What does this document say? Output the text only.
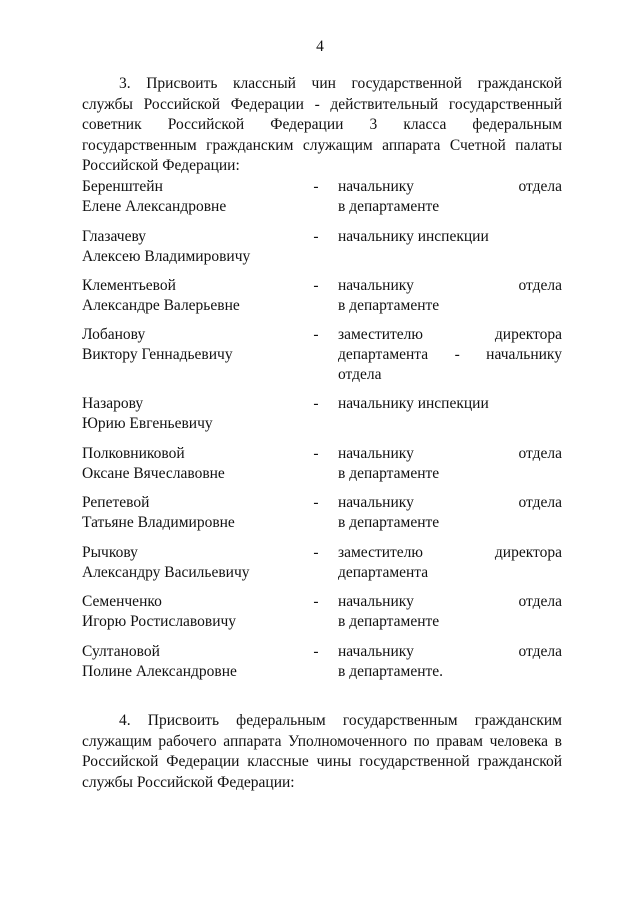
4
3. Присвоить классный чин государственной гражданской
службы Российской Федерации - действительный государственный
советник Российской Федерации 3 класса федеральным
государственным гражданским служащим аппарата Счетной палаты
Российской Федерации:
Беренштейн
Елене Александровне
- начальнику отдела
в департаменте
Глазачеву
Алексею Владимировичу
- начальнику инспекции
Клементьевой
Александре Валерьевне
- начальнику отдела
в департаменте
Лобанову
Виктору Геннадьевичу
- заместителю директора
департамента - начальнику
отдела
Назарову
Юрию Евгеньевичу
- начальнику инспекции
Полковниковой
Оксане Вячеславовне
- начальнику отдела
в департаменте
Репетевой
Татьяне Владимировне
- начальнику отдела
в департаменте
Рычкову
Александру Васильевичу
- заместителю директора
департамента
Семенченко
Игорю Ростиславовичу
- начальнику отдела
в департаменте
Султановой
Полине Александровне
- начальнику отдела
в департаменте.
4. Присвоить федеральным государственным гражданским
служащим рабочего аппарата Уполномоченного по правам человека в
Российской Федерации классные чины государственной гражданской
службы Российской Федерации:
